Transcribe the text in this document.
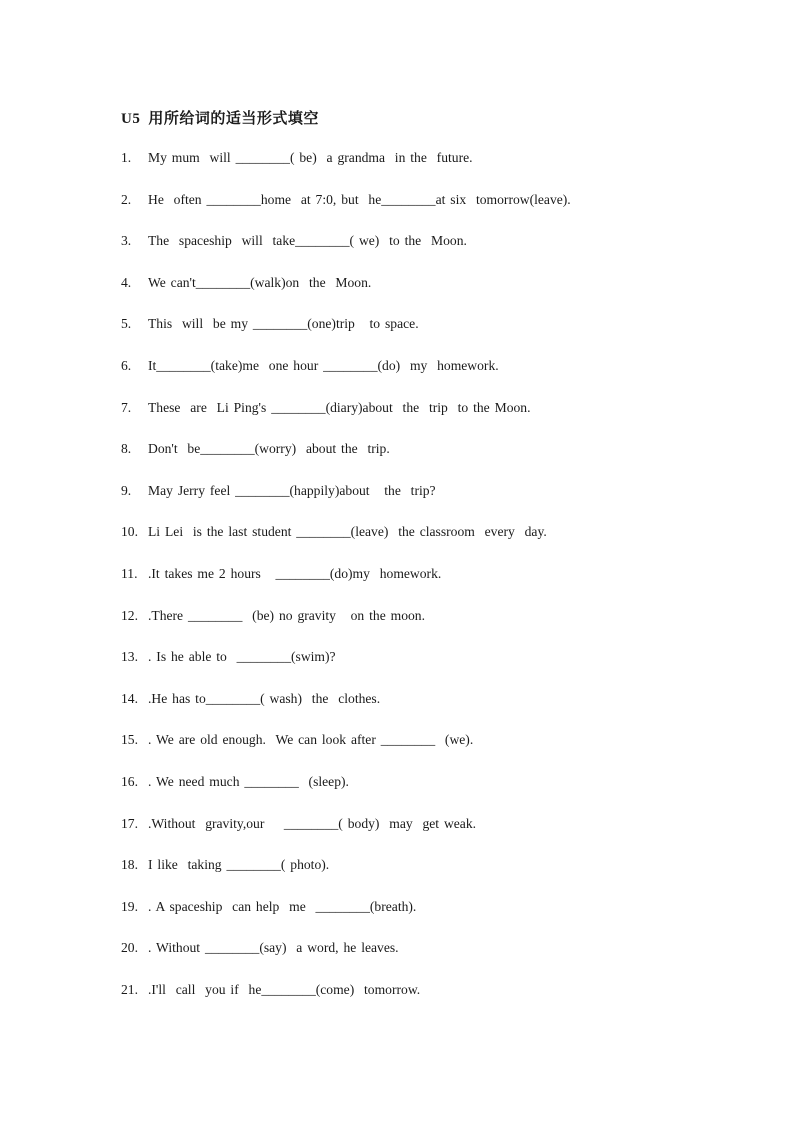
U5 用所给词的适当形式填空
1.	My mum  will ________( be)  a grandma  in the  future.
2.	He  often ________home  at 7:0, but  he________at six  tomorrow(leave).
3.	The  spaceship  will  take________( we)  to the  Moon.
4.	We can't________(walk)on  the  Moon.
5.	This  will  be my ________(one)trip   to space.
6.	It________(take)me  one hour ________(do)  my  homework.
7.	These  are  Li Ping's ________(diary)about  the  trip  to the Moon.
8.	Don't  be________(worry)  about the  trip.
9.	May Jerry feel ________(happily)about   the  trip?
10. Li Lei  is the last student ________(leave)  the classroom  every  day.
11. .It takes me 2 hours   ________(do)my  homework.
12. .There ________  (be) no gravity   on the moon.
13. . Is he able to  ________(swim)?
14. .He has to________( wash)  the  clothes.
15. . We are old enough.  We can look after ________  (we).
16. . We need much ________  (sleep).
17. .Without  gravity,our    ________( body)  may  get weak.
18. I like  taking ________( photo).
19. . A spaceship  can help  me  ________(breath).
20. . Without ________(say)  a word, he leaves.
21. .I'll  call  you if  he________(come)  tomorrow.
